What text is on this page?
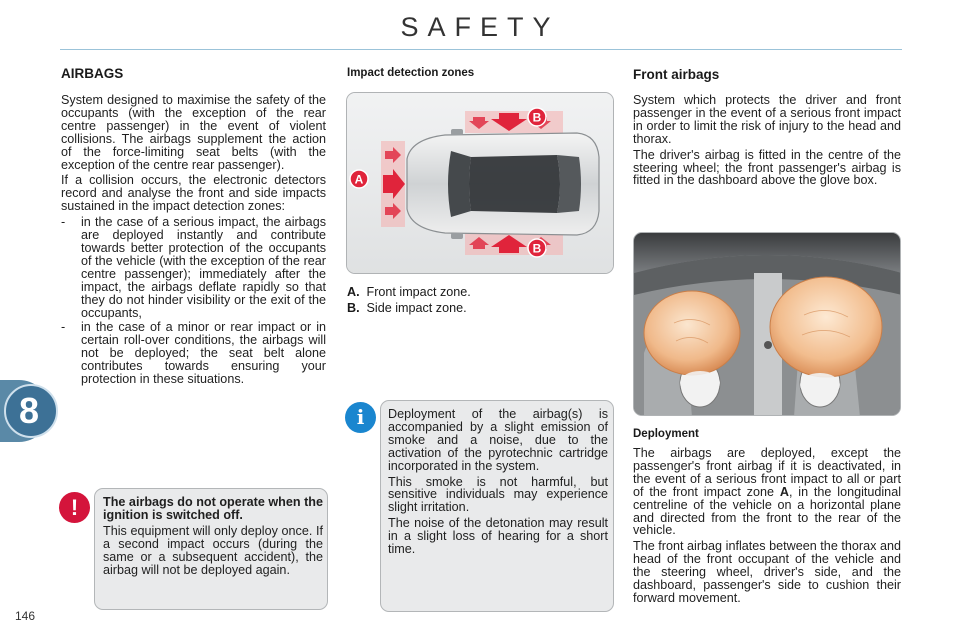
SAFETY
8
146
AIRBAGS

System designed to maximise the safety of the occupants (with the exception of the rear centre passenger) in the event of violent collisions. The airbags supplement the action of the force-limiting seat belts (with the exception of the centre rear passenger).

If a collision occurs, the electronic detectors record and analyse the front and side impacts sustained in the impact detection zones:

- in the case of a serious impact, the airbags are deployed instantly and contribute towards better protection of the occupants of the vehicle (with the exception of the rear centre passenger); immediately after the impact, the airbags deflate rapidly so that they do not hinder visibility or the exit of the occupants,
- in the case of a minor or rear impact or in certain roll-over conditions, the airbags will not be deployed; the seat belt alone contributes towards ensuring your protection in these situations.
!	The airbags do not operate when the ignition is switched off.

This equipment will only deploy once. If a second impact occurs (during the same or a subsequent accident), the airbag will not be deployed again.

Impact detection zones
B
B
A
A. Front impact zone.
B. Side impact zone.
i	Deployment of the airbag(s) is accompanied by a slight emission of smoke and a noise, due to the activation of the pyrotechnic cartridge incorporated in the system.

This smoke is not harmful, but sensitive individuals may experience slight irritation.

The noise of the detonation may result in a slight loss of hearing for a short time.

Front airbags

System which protects the driver and front passenger in the event of a serious front impact in order to limit the risk of injury to the head and thorax.

The driver's airbag is fitted in the centre of the steering wheel; the front passenger's airbag is fitted in the dashboard above the glove box.

Deployment

The airbags are deployed, except the passenger's front airbag if it is deactivated, in the event of a serious front impact to all or part of the front impact zone A, in the longitudinal centreline of the vehicle on a horizontal plane and directed from the front to the rear of the vehicle.

The front airbag inflates between the thorax and head of the front occupant of the vehicle and the steering wheel, driver's side, and the dashboard, passenger's side to cushion their forward movement.
